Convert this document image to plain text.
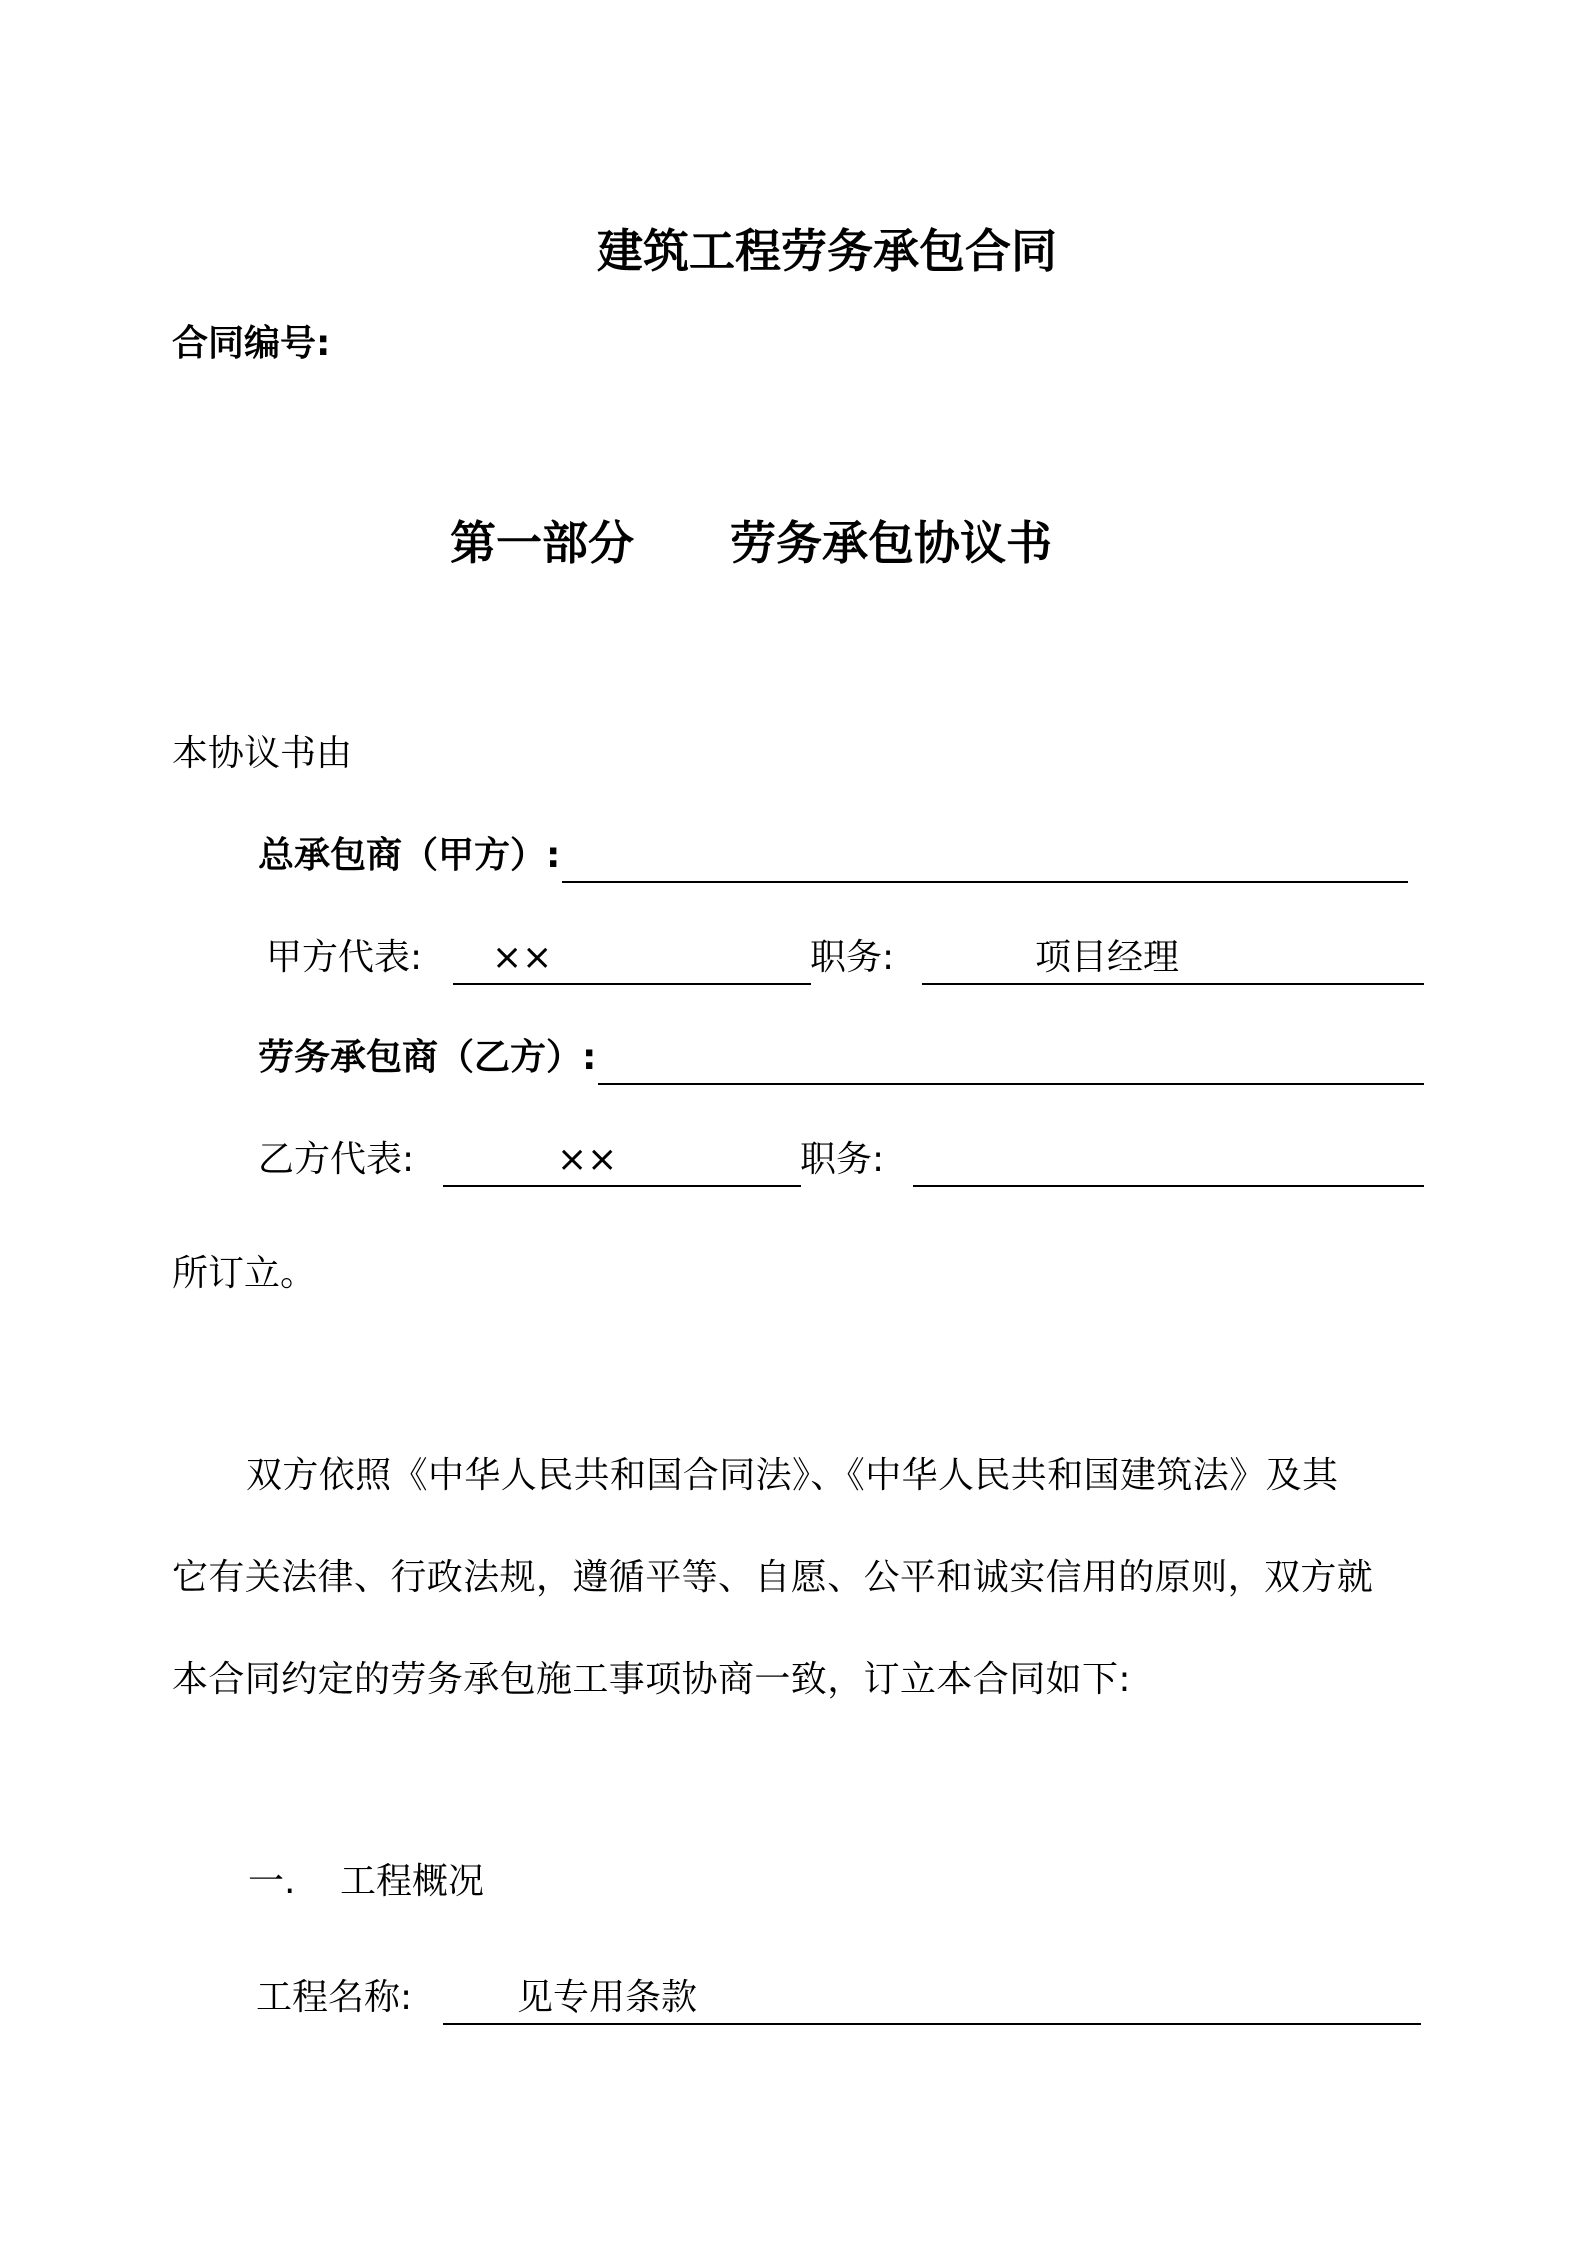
建筑工程劳务承包合同
合同编号:
第一部分 劳务承包协议书
本协议书由
总承包商（甲方）:
甲方代表: ××	职务:	项目经理
劳务承包商（乙方）:
乙方代表:	××	职务:
所订立。
双方依照《中华人民共和国合同法》、《中华人民共和国建筑法》及其
它有关法律、行政法规，遵循平等、自愿、公平和诚实信用的原则，双方就
本合同约定的劳务承包施工事项协商一致，订立本合同如下:
一. 工程概况
工程名称:	见专用条款
